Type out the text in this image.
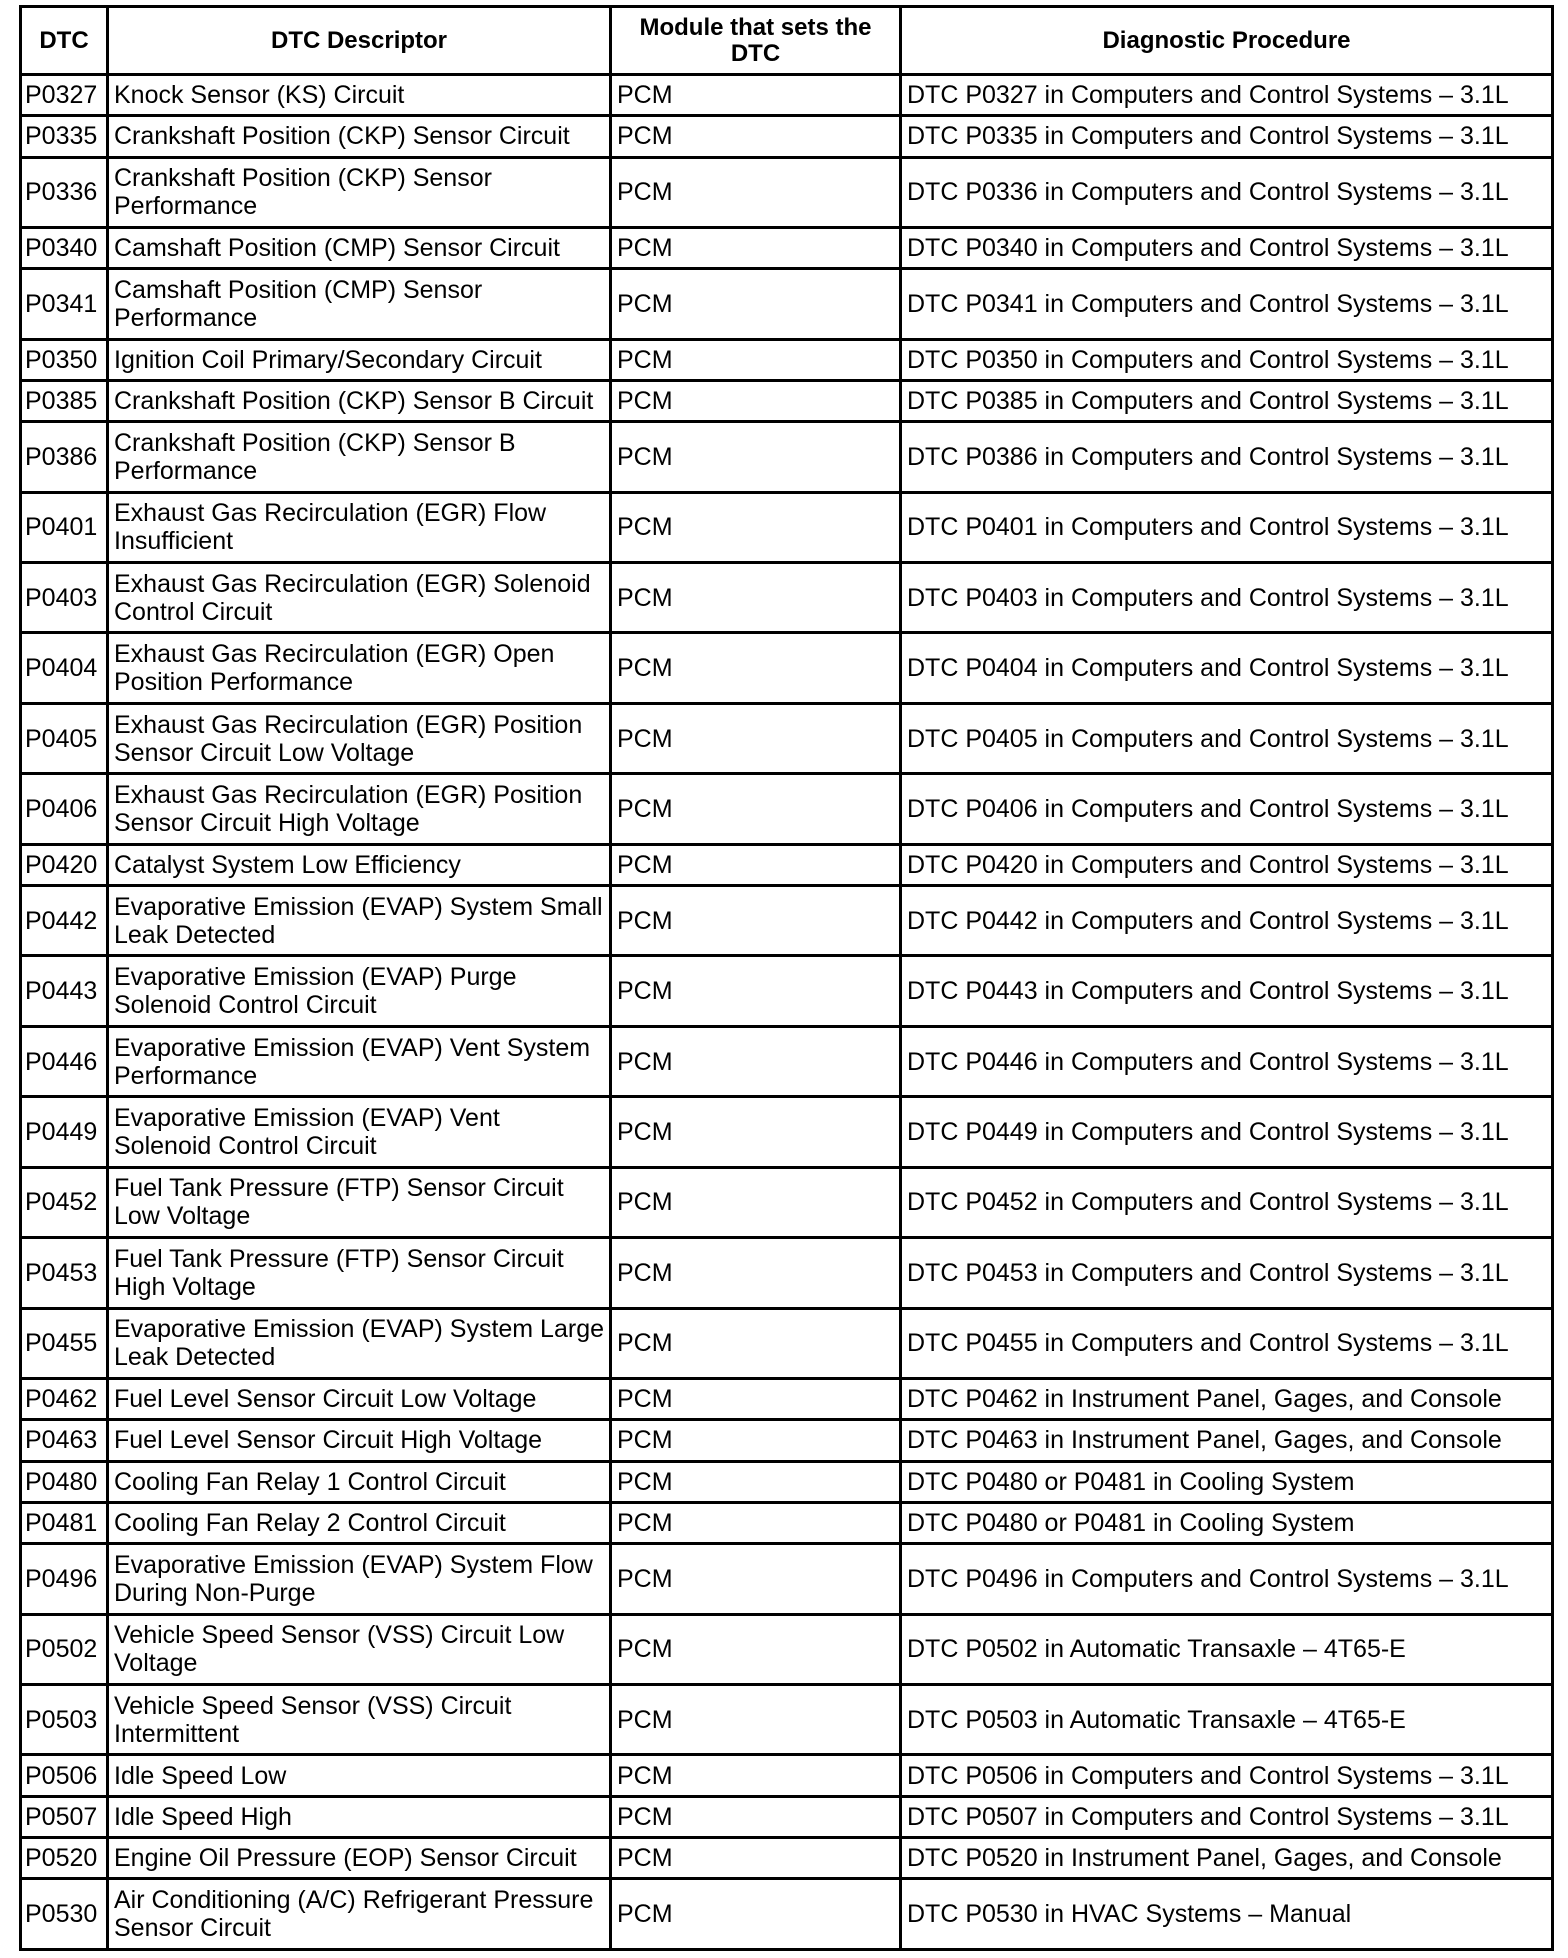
DTC	DTC Descriptor	Module that sets the DTC	Diagnostic Procedure
P0327	Knock Sensor (KS) Circuit	PCM	DTC P0327 in Computers and Control Systems – 3.1L
P0335	Crankshaft Position (CKP) Sensor Circuit	PCM	DTC P0335 in Computers and Control Systems – 3.1L
P0336	Crankshaft Position (CKP) Sensor Performance	PCM	DTC P0336 in Computers and Control Systems – 3.1L
P0340	Camshaft Position (CMP) Sensor Circuit	PCM	DTC P0340 in Computers and Control Systems – 3.1L
P0341	Camshaft Position (CMP) Sensor Performance	PCM	DTC P0341 in Computers and Control Systems – 3.1L
P0350	Ignition Coil Primary/Secondary Circuit	PCM	DTC P0350 in Computers and Control Systems – 3.1L
P0385	Crankshaft Position (CKP) Sensor B Circuit	PCM	DTC P0385 in Computers and Control Systems – 3.1L
P0386	Crankshaft Position (CKP) Sensor B Performance	PCM	DTC P0386 in Computers and Control Systems – 3.1L
P0401	Exhaust Gas Recirculation (EGR) Flow Insufficient	PCM	DTC P0401 in Computers and Control Systems – 3.1L
P0403	Exhaust Gas Recirculation (EGR) Solenoid Control Circuit	PCM	DTC P0403 in Computers and Control Systems – 3.1L
P0404	Exhaust Gas Recirculation (EGR) Open Position Performance	PCM	DTC P0404 in Computers and Control Systems – 3.1L
P0405	Exhaust Gas Recirculation (EGR) Position Sensor Circuit Low Voltage	PCM	DTC P0405 in Computers and Control Systems – 3.1L
P0406	Exhaust Gas Recirculation (EGR) Position Sensor Circuit High Voltage	PCM	DTC P0406 in Computers and Control Systems – 3.1L
P0420	Catalyst System Low Efficiency	PCM	DTC P0420 in Computers and Control Systems – 3.1L
P0442	Evaporative Emission (EVAP) System Small Leak Detected	PCM	DTC P0442 in Computers and Control Systems – 3.1L
P0443	Evaporative Emission (EVAP) Purge Solenoid Control Circuit	PCM	DTC P0443 in Computers and Control Systems – 3.1L
P0446	Evaporative Emission (EVAP) Vent System Performance	PCM	DTC P0446 in Computers and Control Systems – 3.1L
P0449	Evaporative Emission (EVAP) Vent Solenoid Control Circuit	PCM	DTC P0449 in Computers and Control Systems – 3.1L
P0452	Fuel Tank Pressure (FTP) Sensor Circuit Low Voltage	PCM	DTC P0452 in Computers and Control Systems – 3.1L
P0453	Fuel Tank Pressure (FTP) Sensor Circuit High Voltage	PCM	DTC P0453 in Computers and Control Systems – 3.1L
P0455	Evaporative Emission (EVAP) System Large Leak Detected	PCM	DTC P0455 in Computers and Control Systems – 3.1L
P0462	Fuel Level Sensor Circuit Low Voltage	PCM	DTC P0462 in Instrument Panel, Gages, and Console
P0463	Fuel Level Sensor Circuit High Voltage	PCM	DTC P0463 in Instrument Panel, Gages, and Console
P0480	Cooling Fan Relay 1 Control Circuit	PCM	DTC P0480 or P0481 in Cooling System
P0481	Cooling Fan Relay 2 Control Circuit	PCM	DTC P0480 or P0481 in Cooling System
P0496	Evaporative Emission (EVAP) System Flow During Non-Purge	PCM	DTC P0496 in Computers and Control Systems – 3.1L
P0502	Vehicle Speed Sensor (VSS) Circuit Low Voltage	PCM	DTC P0502 in Automatic Transaxle – 4T65-E
P0503	Vehicle Speed Sensor (VSS) Circuit Intermittent	PCM	DTC P0503 in Automatic Transaxle – 4T65-E
P0506	Idle Speed Low	PCM	DTC P0506 in Computers and Control Systems – 3.1L
P0507	Idle Speed High	PCM	DTC P0507 in Computers and Control Systems – 3.1L
P0520	Engine Oil Pressure (EOP) Sensor Circuit	PCM	DTC P0520 in Instrument Panel, Gages, and Console
P0530	Air Conditioning (A/C) Refrigerant Pressure Sensor Circuit	PCM	DTC P0530 in HVAC Systems – Manual
